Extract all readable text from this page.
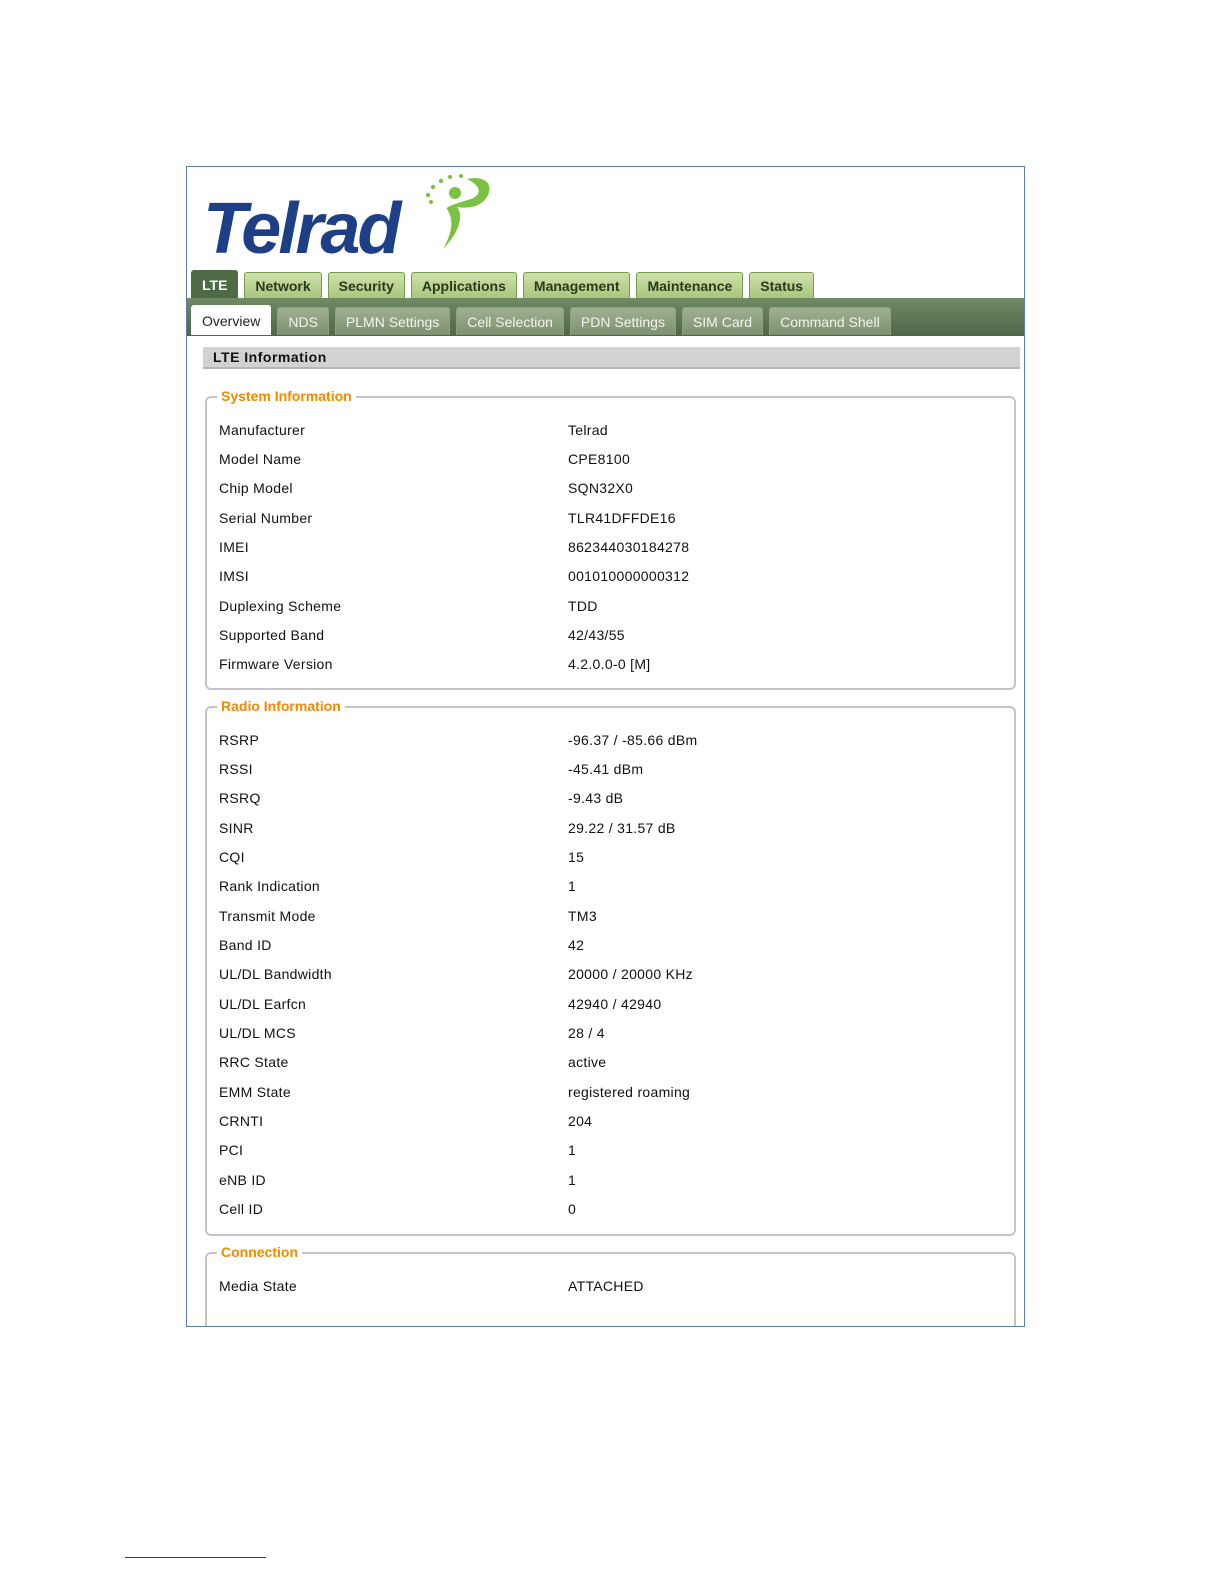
Telrad
LTE	Network	Security	Applications	Management	Maintenance	Status
Overview	NDS	PLMN Settings	Cell Selection	PDN Settings	SIM Card	Command Shell
LTE Information
System Information
Manufacturer	Telrad
Model Name	CPE8100
Chip Model	SQN32X0
Serial Number	TLR41DFFDE16
IMEI	862344030184278
IMSI	001010000000312
Duplexing Scheme	TDD
Supported Band	42/43/55
Firmware Version	4.2.0.0-0 [M]
Radio Information
RSRP	-96.37 / -85.66 dBm
RSSI	-45.41 dBm
RSRQ	-9.43 dB
SINR	29.22 / 31.57 dB
CQI	15
Rank Indication	1
Transmit Mode	TM3
Band ID	42
UL/DL Bandwidth	20000 / 20000 KHz
UL/DL Earfcn	42940 / 42940
UL/DL MCS	28 / 4
RRC State	active
EMM State	registered roaming
CRNTI	204
PCI	1
eNB ID	1
Cell ID	0
Connection
Media State	ATTACHED
